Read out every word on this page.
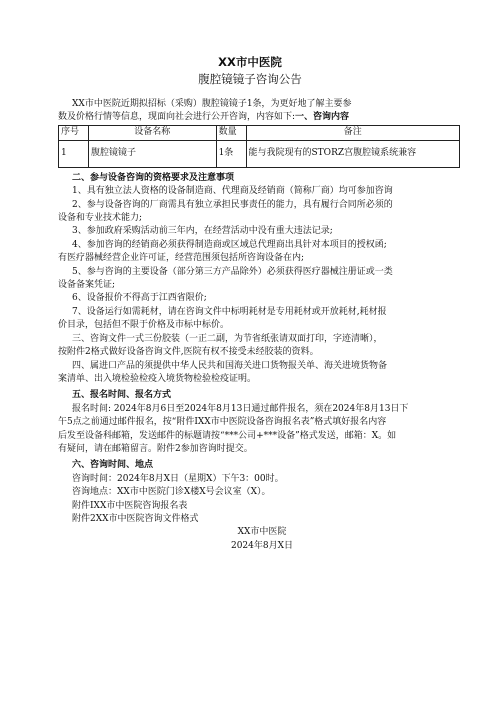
XX市中医院
腹腔镜镜子咨询公告
XX市中医院近期拟招标（采购）腹腔镜镜子1条，为更好地了解主要参
数及价格行情等信息，现面向社会进行公开咨询，内容如下:一、咨询内容
序号	设备名称	数量	备注
1	腹腔镜镜子	1条	能与我院现有的STORZ宫腹腔镜系统兼容
二、参与设备咨询的资格要求及注意事项
1、具有独立法人资格的设备制造商、代理商及经销商（简称厂商）均可参加咨询
2、参与设备咨询的厂商需具有独立承担民事责任的能力，具有履行合同所必须的
设备和专业技术能力;
3、参加政府采购活动前三年内，在经营活动中没有重大违法记录;
4、参加咨询的经销商必须获得制造商或区域总代理商出具针对本项目的授权函;
有医疗器械经营企业许可证，经营范围须包括所咨询设备在内;
5、参与咨询的主要设备（部分第三方产品除外）必须获得医疗器械注册证或一类
设备备案凭证;
6、设备报价不得高于江西省限价;
7、设备运行如需耗材，请在咨询文件中标明耗材是专用耗材或开放耗材,耗材报
价目录，包括但不限于价格及市标中标价。
三、咨询文件一式三份胶装（一正二副，为节省纸张请双面打印，字迹清晰），
按附件2格式做好设备咨询文件,医院有权不接受未经胶装的资料。
四、属进口产品的须提供中华人民共和国海关进口货物报关单、海关进境货物备
案清单、出入境检验检疫入境货物检验检疫证明。
五、报名时间、报名方式
报名时间: 2024年8月6日至2024年8月13日通过邮件报名，须在2024年8月13日下
午5点之前通过邮件报名，按“附件IXX市中医院设备咨询报名表”格式填好报名内容
后发至设备科邮箱，发送邮件的标题请按“***公司+***设备”格式发送，邮箱：X。如
有疑问，请在邮箱留言。附件2参加咨询时提交。
六、咨询时间、地点
咨询时间：2024年8月X日（星期X）下午3：00时。
咨询地点：XX市中医院门诊X楼X号会议室（X）。
附件IXX市中医院咨询报名表
附件2XX市中医院咨询文件格式
XX市中医院
2024年8月X日
